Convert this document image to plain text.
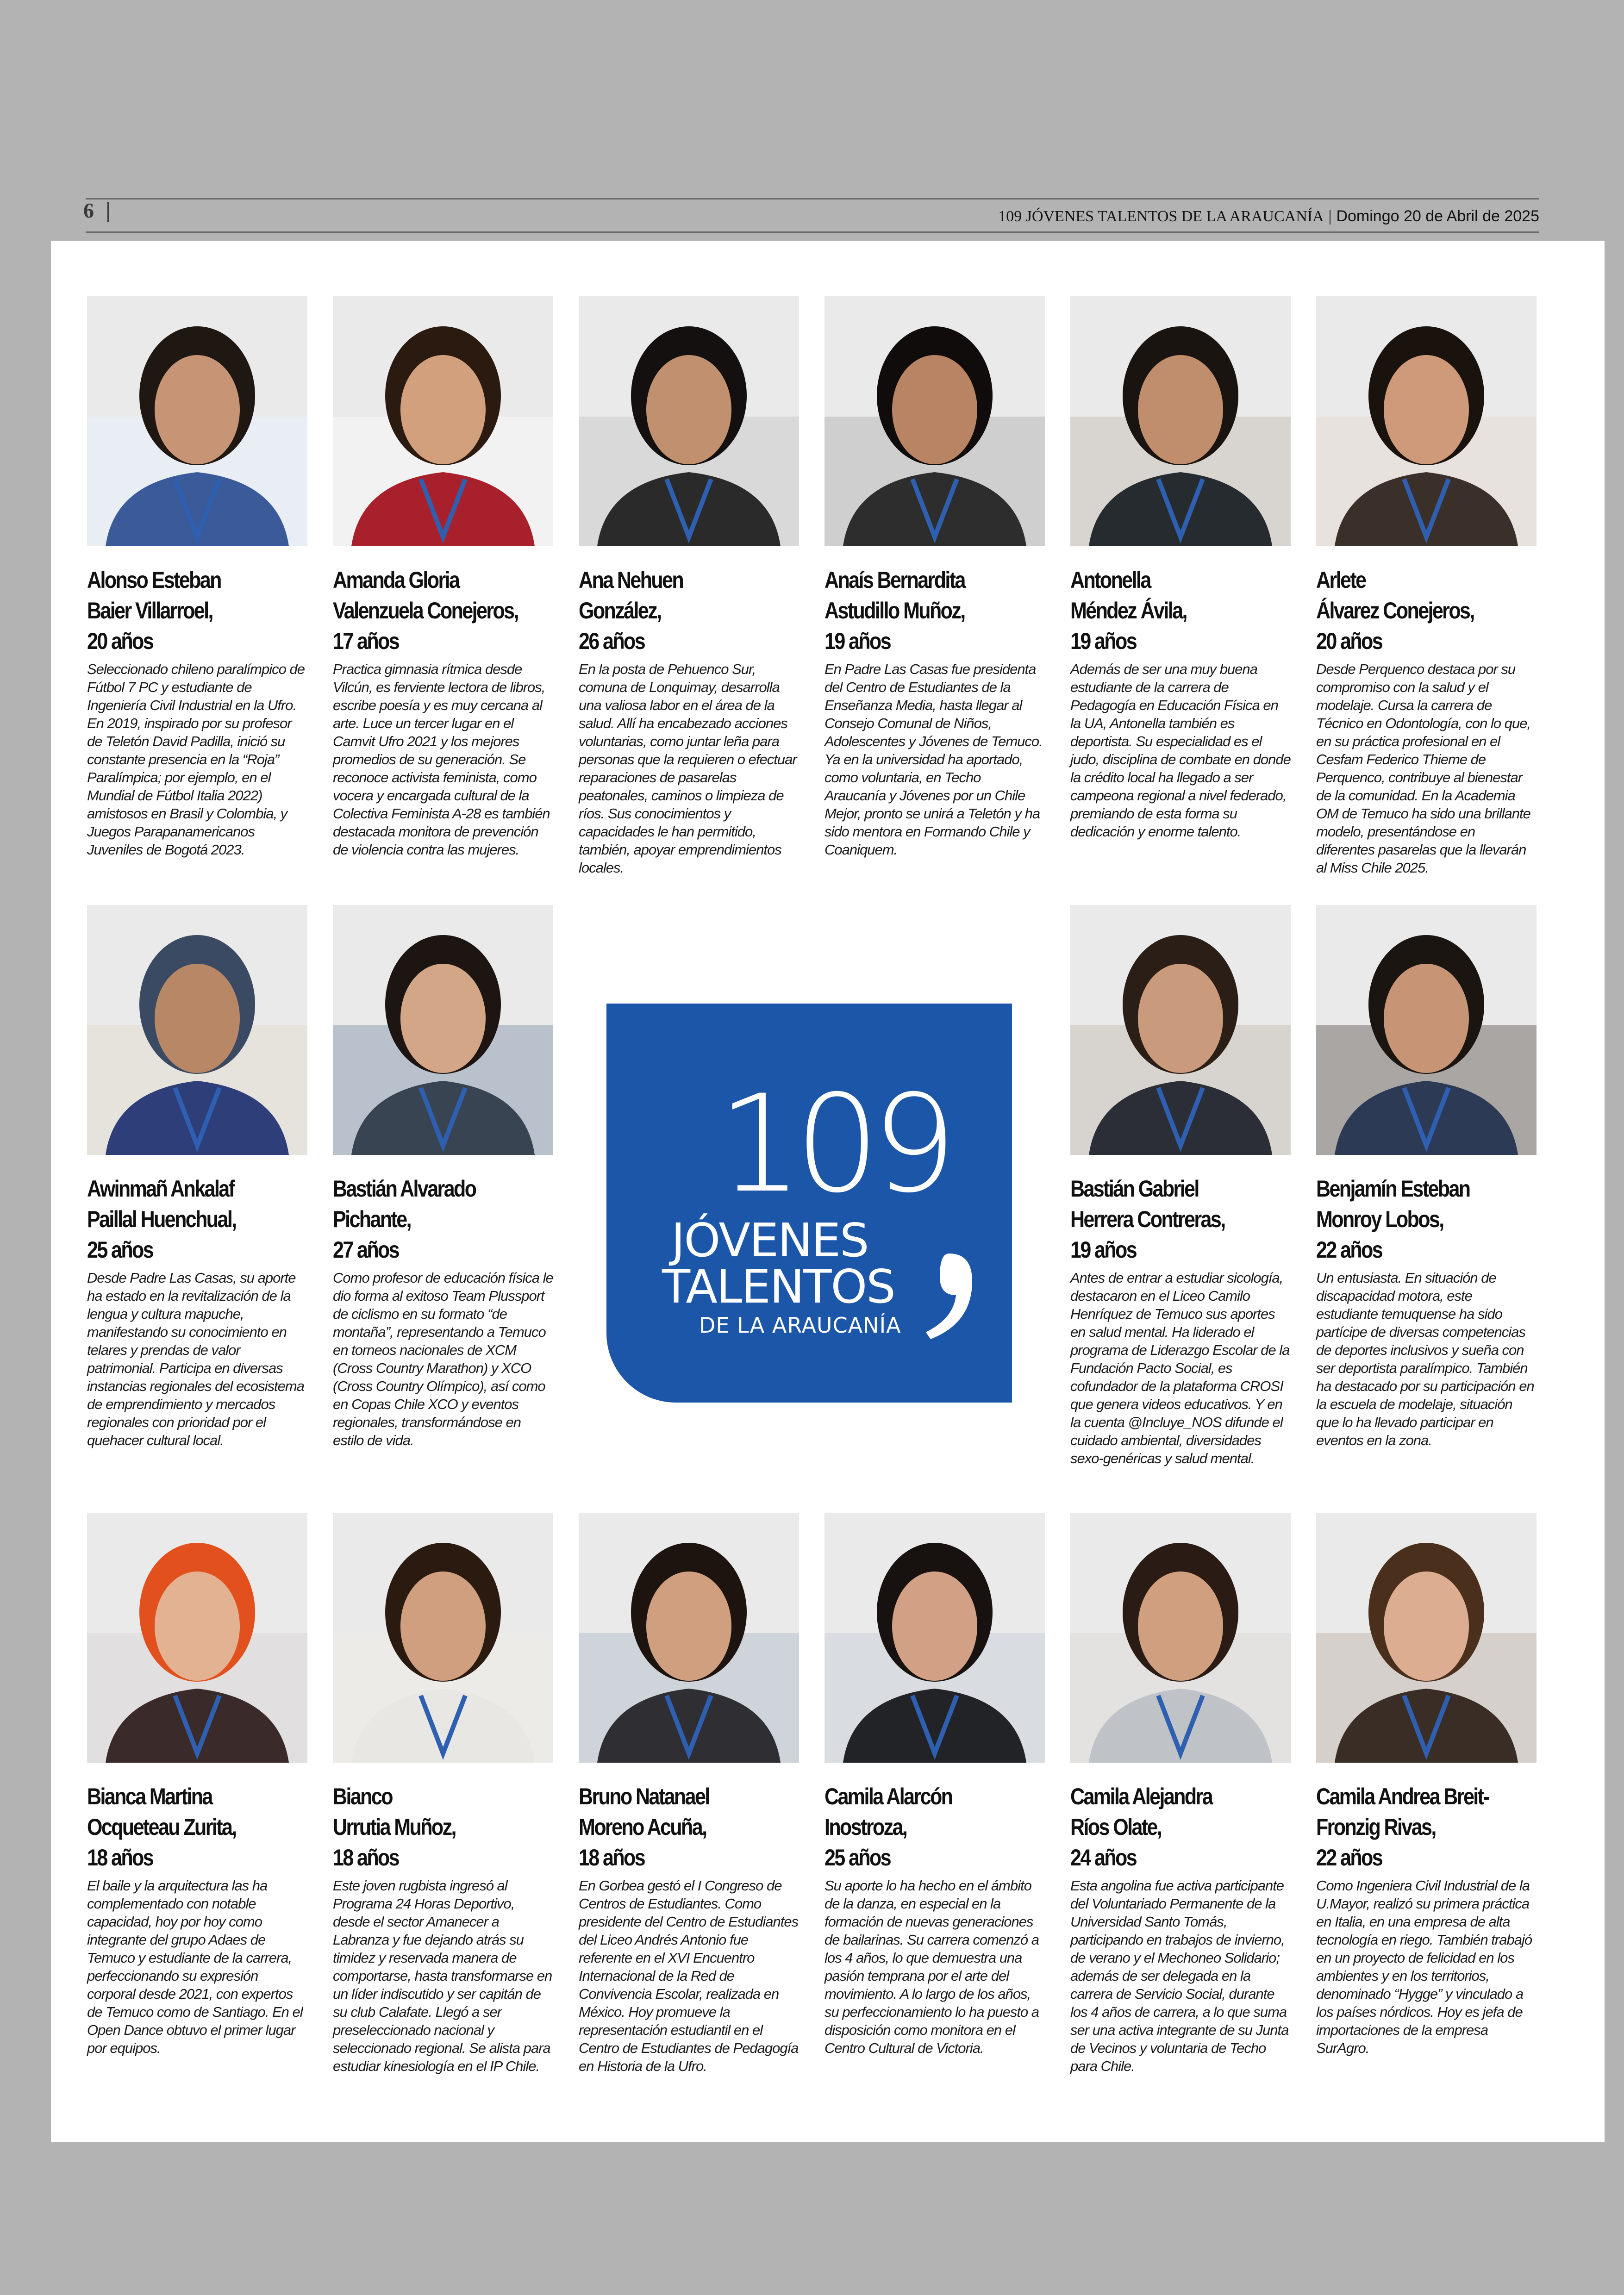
6	109 JÓVENES TALENTOS DE LA ARAUCANÍA | Domingo 20 de Abril de 2025
109
JÓVENES
TALENTOS
DE LA ARAUCANÍA
Alonso Esteban
Baier Villarroel,
20 años
Seleccionado chileno paralímpico de Fútbol 7 PC y estudiante de Ingeniería Civil Industrial en la Ufro. En 2019, inspirado por su profesor de Teletón David Padilla, inició su constante presencia en la “Roja” Paralímpica; por ejemplo, en el Mundial de Fútbol Italia 2022) amistosos en Brasil y Colombia, y Juegos Parapanamericanos Juveniles de Bogotá 2023.
Amanda Gloria
Valenzuela Conejeros,
17 años
Practica gimnasia rítmica desde Vilcún, es ferviente lectora de libros, escribe poesía y es muy cercana al arte. Luce un tercer lugar en el Camvit Ufro 2021 y los mejores promedios de su generación. Se reconoce activista feminista, como vocera y encargada cultural de la Colectiva Feminista A-28 es también destacada monitora de prevención de violencia contra las mujeres.
Ana Nehuen
González,
26 años
En la posta de Pehuenco Sur, comuna de Lonquimay, desarrolla una valiosa labor en el área de la salud. Allí ha encabezado acciones voluntarias, como juntar leña para personas que la requieren o efectuar reparaciones de pasarelas peatonales, caminos o limpieza de ríos. Sus conocimientos y capacidades le han permitido, también, apoyar emprendimientos locales.
Anaís Bernardita
Astudillo Muñoz,
19 años
En Padre Las Casas fue presidenta del Centro de Estudiantes de la Enseñanza Media, hasta llegar al Consejo Comunal de Niños, Adolescentes y Jóvenes de Temuco. Ya en la universidad ha aportado, como voluntaria, en Techo Araucanía y Jóvenes por un Chile Mejor, pronto se unirá a Teletón y ha sido mentora en Formando Chile y Coaniquem.
Antonella
Méndez Ávila,
19 años
Además de ser una muy buena estudiante de la carrera de Pedagogía en Educación Física en la UA, Antonella también es deportista. Su especialidad es el judo, disciplina de combate en donde la crédito local ha llegado a ser campeona regional a nivel federado, premiando de esta forma su dedicación y enorme talento.
Arlete
Álvarez Conejeros,
20 años
Desde Perquenco destaca por su compromiso con la salud y el modelaje. Cursa la carrera de Técnico en Odontología, con lo que, en su práctica profesional en el Cesfam Federico Thieme de Perquenco, contribuye al bienestar de la comunidad. En la Academia OM de Temuco ha sido una brillante modelo, presentándose en diferentes pasarelas que la llevarán al Miss Chile 2025.
Awinmañ Ankalaf
Paillal Huenchual,
25 años
Desde Padre Las Casas, su aporte ha estado en la revitalización de la lengua y cultura mapuche, manifestando su conocimiento en telares y prendas de valor patrimonial. Participa en diversas instancias regionales del ecosistema de emprendimiento y mercados regionales con prioridad por el quehacer cultural local.
Bastián Alvarado
Pichante,
27 años
Como profesor de educación física le dio forma al exitoso Team Plussport de ciclismo en su formato “de montaña”, representando a Temuco en torneos nacionales de XCM (Cross Country Marathon) y XCO (Cross Country Olímpico), así como en Copas Chile XCO y eventos regionales, transformándose en estilo de vida.
Bastián Gabriel
Herrera Contreras,
19 años
Antes de entrar a estudiar sicología, destacaron en el Liceo Camilo Henríquez de Temuco sus aportes en salud mental. Ha liderado el programa de Liderazgo Escolar de la Fundación Pacto Social, es cofundador de la plataforma CROSI que genera videos educativos. Y en la cuenta @Incluye_NOS difunde el cuidado ambiental, diversidades sexo-genéricas y salud mental.
Benjamín Esteban
Monroy Lobos,
22 años
Un entusiasta. En situación de discapacidad motora, este estudiante temuquense ha sido partícipe de diversas competencias de deportes inclusivos y sueña con ser deportista paralímpico. También ha destacado por su participación en la escuela de modelaje, situación que lo ha llevado participar en eventos en la zona.
Bianca Martina
Ocqueteau Zurita,
18 años
El baile y la arquitectura las ha complementado con notable capacidad, hoy por hoy como integrante del grupo Adaes de Temuco y estudiante de la carrera, perfeccionando su expresión corporal desde 2021, con expertos de Temuco como de Santiago. En el Open Dance obtuvo el primer lugar por equipos.
Bianco
Urrutia Muñoz,
18 años
Este joven rugbista ingresó al Programa 24 Horas Deportivo, desde el sector Amanecer a Labranza y fue dejando atrás su timidez y reservada manera de comportarse, hasta transformarse en un líder indiscutido y ser capitán de su club Calafate. Llegó a ser preseleccionado nacional y seleccionado regional. Se alista para estudiar kinesiología en el IP Chile.
Bruno Natanael
Moreno Acuña,
18 años
En Gorbea gestó el I Congreso de Centros de Estudiantes. Como presidente del Centro de Estudiantes del Liceo Andrés Antonio fue referente en el XVI Encuentro Internacional de la Red de Convivencia Escolar, realizada en México. Hoy promueve la representación estudiantil en el Centro de Estudiantes de Pedagogía en Historia de la Ufro.
Camila Alarcón
Inostroza,
25 años
Su aporte lo ha hecho en el ámbito de la danza, en especial en la formación de nuevas generaciones de bailarinas. Su carrera comenzó a los 4 años, lo que demuestra una pasión temprana por el arte del movimiento. A lo largo de los años, su perfeccionamiento lo ha puesto a disposición como monitora en el Centro Cultural de Victoria.
Camila Alejandra
Ríos Olate,
24 años
Esta angolina fue activa participante del Voluntariado Permanente de la Universidad Santo Tomás, participando en trabajos de invierno, de verano y el Mechoneo Solidario; además de ser delegada en la carrera de Servicio Social, durante los 4 años de carrera, a lo que suma ser una activa integrante de su Junta de Vecinos y voluntaria de Techo para Chile.
Camila Andrea Breit-
Fronzig Rivas,
22 años
Como Ingeniera Civil Industrial de la U.Mayor, realizó su primera práctica en Italia, en una empresa de alta tecnología en riego. También trabajó en un proyecto de felicidad en los ambientes y en los territorios, denominado “Hygge” y vinculado a los países nórdicos. Hoy es jefa de importaciones de la empresa SurAgro.
